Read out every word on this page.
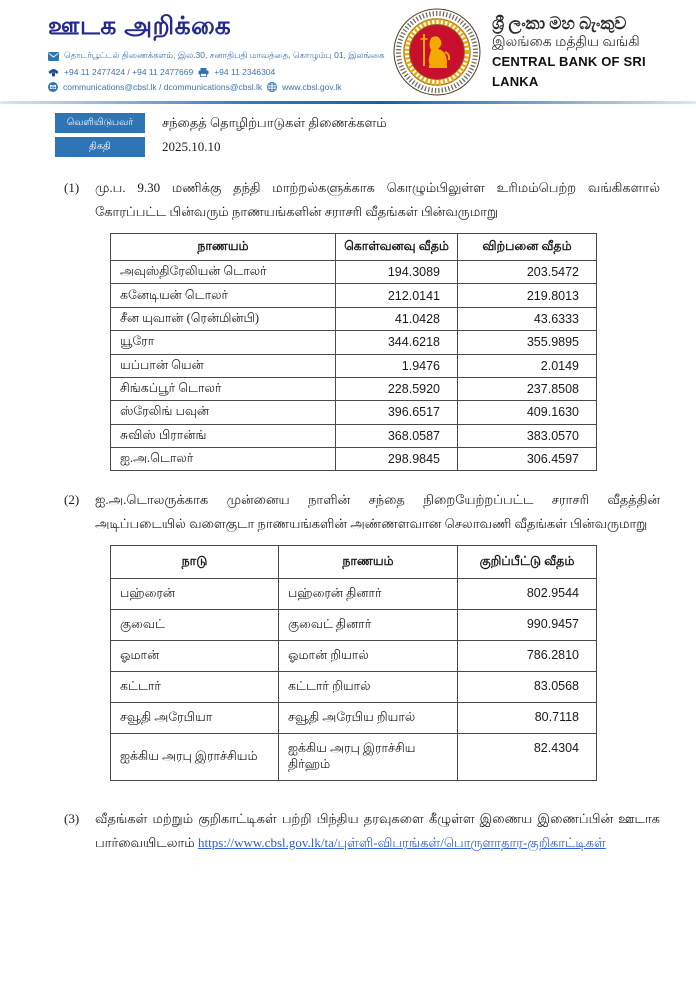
ஊடக அறிக்கை
தொடர்பூட்டல் திணைக்களம், இல.30, சனாதிபதி மாவத்தை, கொழும்பு 01, இலங்கை
+94 11 2477424 / +94 11 2477669 +94 11 2346304
communications@cbsl.lk / dcommunications@cbsl.lk www.cbsl.gov.lk
ශ්‍රී ලංකා මහ බැංකුව
இலங்கை மத்திய வங்கி
CENTRAL BANK OF SRI LANKA
வெளியிடுபவர்	சந்தைத் தொழிற்பாடுகள் திணைக்களம்
திகதி	2025.10.10
(1)	மு.ப. 9.30 மணிக்கு தந்தி மாற்றல்களுக்காக கொழும்பிலுள்ள உரிமம்பெற்ற வங்கிகளால் கோரப்பட்ட பின்வரும் நாணயங்களின் சராசரி வீதங்கள் பின்வருமாறு
நாணயம்	கொள்வனவு வீதம்	விற்பனை வீதம்
அவுஸ்திரேலியன் டொலர்	194.3089	203.5472
கனேடியன் டொலர்	212.0141	219.8013
சீன யுவான் (ரென்மின்பி)	41.0428	43.6333
யூரோ	344.6218	355.9895
யப்பான் யென்	1.9476	2.0149
சிங்கப்பூர் டொலர்	228.5920	237.8508
ஸ்ரேலிங் பவுன்	396.6517	409.1630
சுவிஸ் பிரான்ங்	368.0587	383.0570
ஐ.அ.டொலர்	298.9845	306.4597
(2)	ஐ.அ.டொலருக்காக முன்னைய நாளின் சந்தை நிறையேற்றப்பட்ட சராசரி வீதத்தின் அடிப்படையில் வளைகுடா நாணயங்களின் அண்ணளவான செலாவணி வீதங்கள் பின்வருமாறு
நாடு	நாணயம்	குறிப்பீட்டு வீதம்
பஹ்ரைன்	பஹ்ரைன் தினார்	802.9544
குவைட்	குவைட் தினார்	990.9457
ஓமான்	ஓமான் றியால்	786.2810
கட்டார்	கட்டார் றியால்	83.0568
சவூதி அரேபியா	சவூதி அரேபிய றியால்	80.7118
ஐக்கிய அரபு இராச்சியம்	ஐக்கிய அரபு இராச்சிய திர்ஹம்	82.4304
(3)	வீதங்கள் மற்றும் குறிகாட்டிகள் பற்றி பிந்திய தரவுகளை கீழுள்ள இணைய இணைப்பின் ஊடாக பார்வையிடலாம் https://www.cbsl.gov.lk/ta/புள்ளி-விபரங்கள்/பொருளாதார-குறிகாட்டிகள்
